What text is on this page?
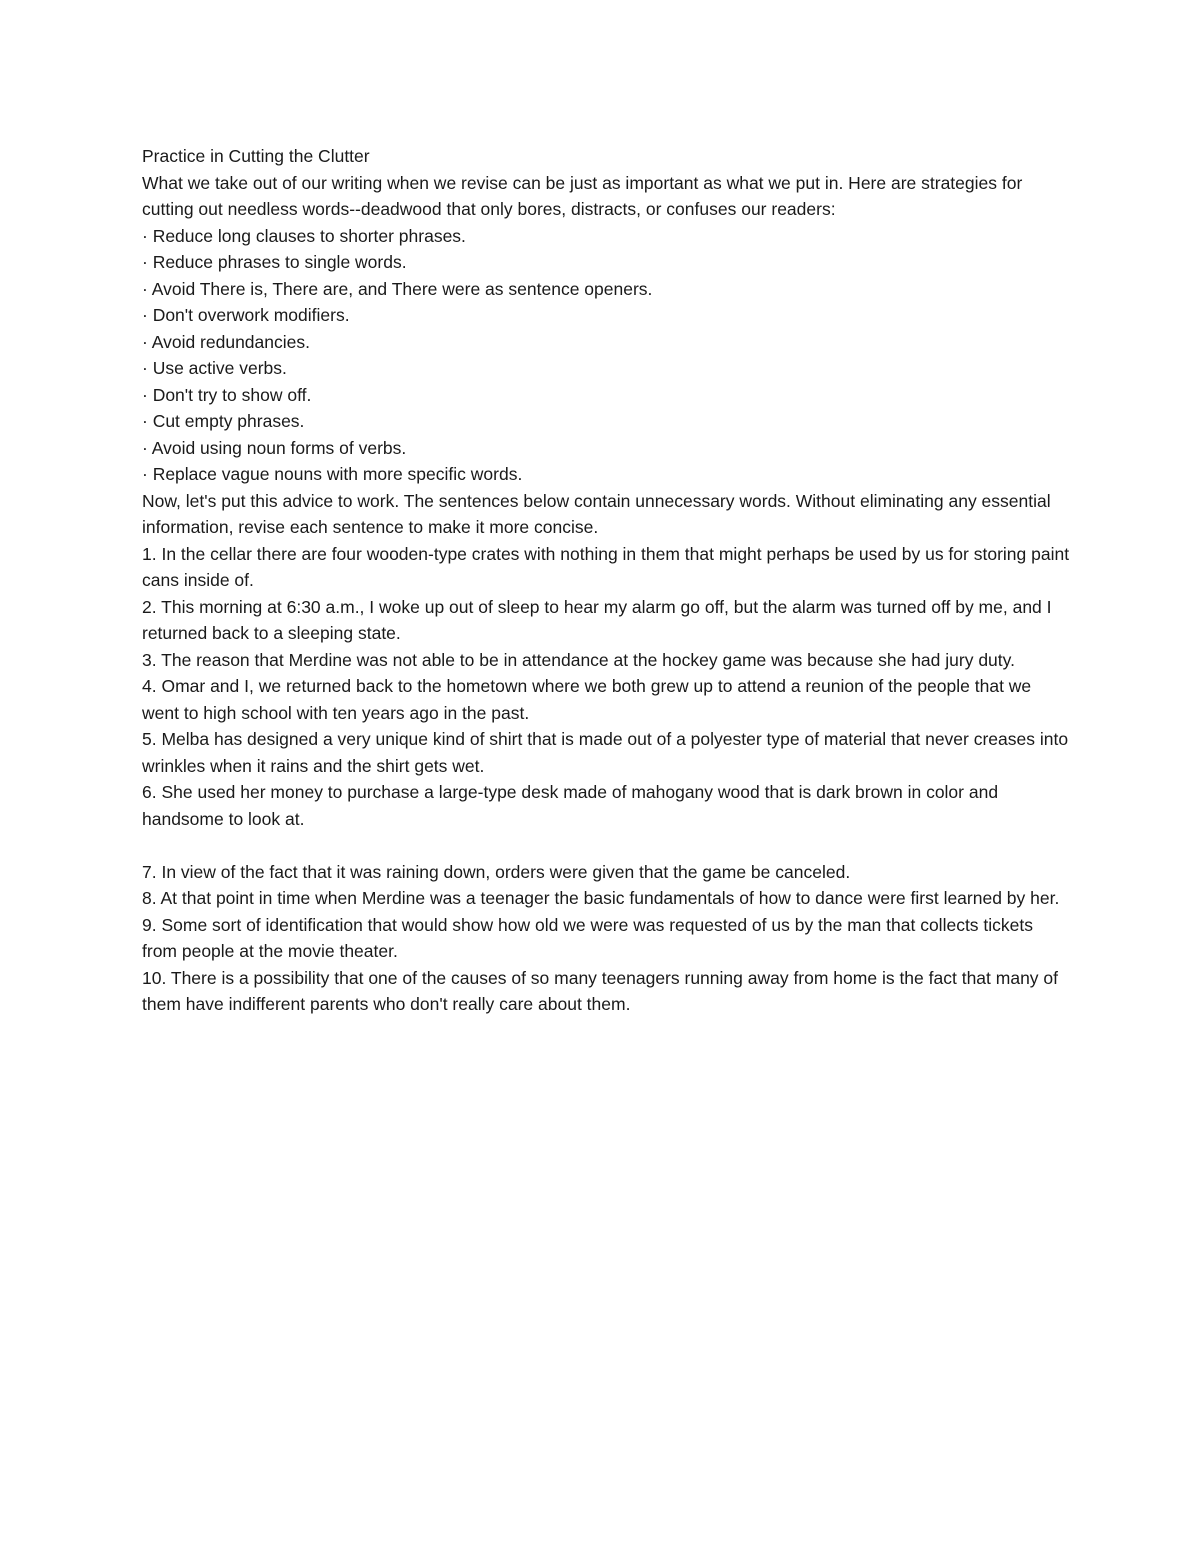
Practice in Cutting the Clutter

What we take out of our writing when we revise can be just as important as what we put in. Here are strategies for cutting out needless words--deadwood that only bores, distracts, or confuses our readers:

· Reduce long clauses to shorter phrases.

· Reduce phrases to single words.

· Avoid There is, There are, and There were as sentence openers.

· Don't overwork modifiers.

· Avoid redundancies.

· Use active verbs.

· Don't try to show off.

· Cut empty phrases.

· Avoid using noun forms of verbs.

· Replace vague nouns with more specific words.

Now, let's put this advice to work. The sentences below contain unnecessary words. Without eliminating any essential information, revise each sentence to make it more concise.

1. In the cellar there are four wooden-type crates with nothing in them that might perhaps be used by us for storing paint cans inside of.

2. This morning at 6:30 a.m., I woke up out of sleep to hear my alarm go off, but the alarm was turned off by me, and I returned back to a sleeping state.

3. The reason that Merdine was not able to be in attendance at the hockey game was because she had jury duty.

4. Omar and I, we returned back to the hometown where we both grew up to attend a reunion of the people that we went to high school with ten years ago in the past.

5. Melba has designed a very unique kind of shirt that is made out of a polyester type of material that never creases into wrinkles when it rains and the shirt gets wet.

6. She used her money to purchase a large-type desk made of mahogany wood that is dark brown in color and handsome to look at.

7. In view of the fact that it was raining down, orders were given that the game be canceled.

8. At that point in time when Merdine was a teenager the basic fundamentals of how to dance were first learned by her.

9. Some sort of identification that would show how old we were was requested of us by the man that collects tickets from people at the movie theater.

10. There is a possibility that one of the causes of so many teenagers running away from home is the fact that many of them have indifferent parents who don't really care about them.
